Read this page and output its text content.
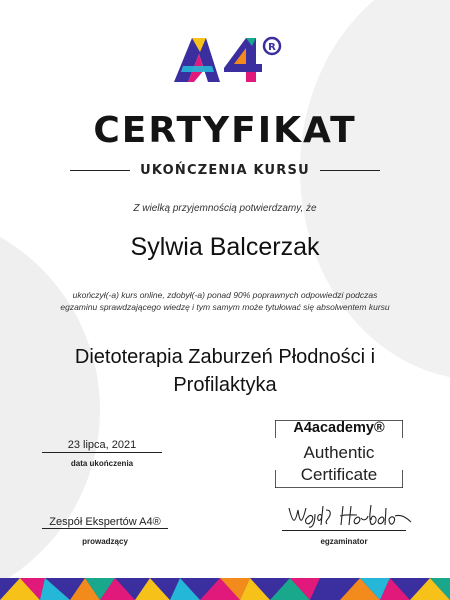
R
CERTYFIKAT
UKOŃCZENIA KURSU
Z wielką przyjemnością potwierdzamy, że
Sylwia Balcerzak
ukończył(-a) kurs online, zdobył(-a) ponad 90% poprawnych odpowiedzi podczas egzaminu sprawdzającego wiedzę i tym samym może tytułować się absolwentem kursu
Dietoterapia Zaburzeń Płodności i
Profilaktyka
23 lipca, 2021
data ukończenia
A4academy®
Authentic
Certificate
Zespół Ekspertów A4®
prowadzący	egzaminator
